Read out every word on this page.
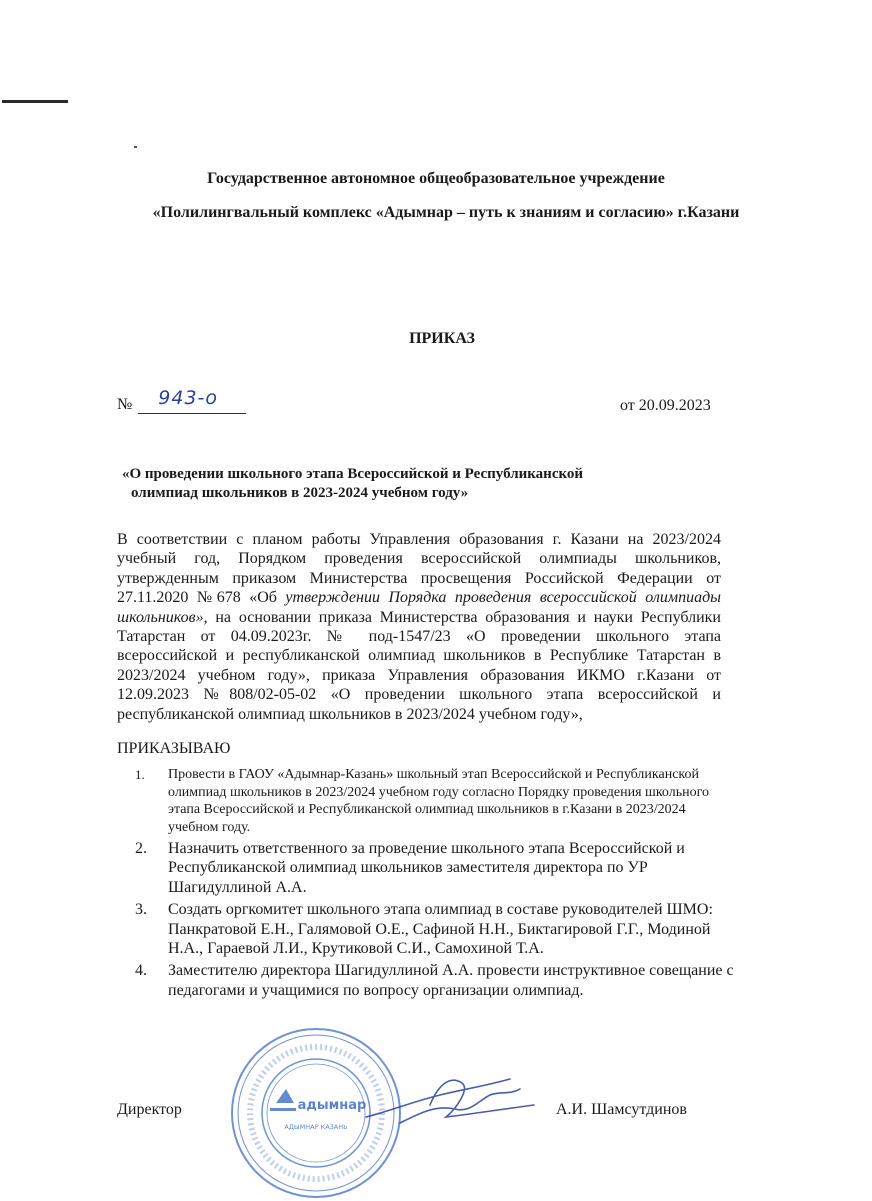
Государственное автономное общеобразовательное учреждение
«Полилингвальный комплекс «Адымнар – путь к знаниям и согласию» г.Казани
ПРИКАЗ
№ 943-о	от 20.09.2023
«О проведении школьного этапа Всероссийской и Республиканской
олимпиад школьников в 2023-2024 учебном году»

В соответствии с планом работы Управления образования г. Казани на 2023/2024 учебный год, Порядком проведения всероссийской олимпиады школьников, утвержденным приказом Министерства просвещения Российской Федерации от 27.11.2020 №678 «Об утверждении Порядка проведения всероссийской олимпиады школьников», на основании приказа Министерства образования и науки Республики Татарстан от 04.09.2023г. № под-1547/23 «О проведении школьного этапа всероссийской и республиканской олимпиад школьников в Республике Татарстан в 2023/2024 учебном году», приказа Управления образования ИКМО г.Казани от 12.09.2023 №808/02-05-02 «О проведении школьного этапа всероссийской и республиканской олимпиад школьников в 2023/2024 учебном году»,

ПРИКАЗЫВАЮ
1. Провести в ГАОУ «Адымнар-Казань» школьный этап Всероссийской и Республиканской олимпиад школьников в 2023/2024 учебном году согласно Порядку проведения школьного этапа Всероссийской и Республиканской олимпиад школьников в г.Казани в 2023/2024 учебном году.
2. Назначить ответственного за проведение школьного этапа Всероссийской и Республиканской олимпиад школьников заместителя директора по УР Шагидуллиной А.А.
3. Создать оргкомитет школьного этапа олимпиад в составе руководителей ШМО: Панкратовой Е.Н., Галямовой О.Е., Сафиной Н.Н., Биктагировой Г.Г., Модиной Н.А., Гараевой Л.И., Крутиковой С.И., Самохиной Т.А.
4. Заместителю директора Шагидуллиной А.А. провести инструктивное совещание с педагогами и учащимися по вопросу организации олимпиад.
адымнар
АДЫМНАР КАЗАНЬ
Директор	А.И. Шамсутдинов
